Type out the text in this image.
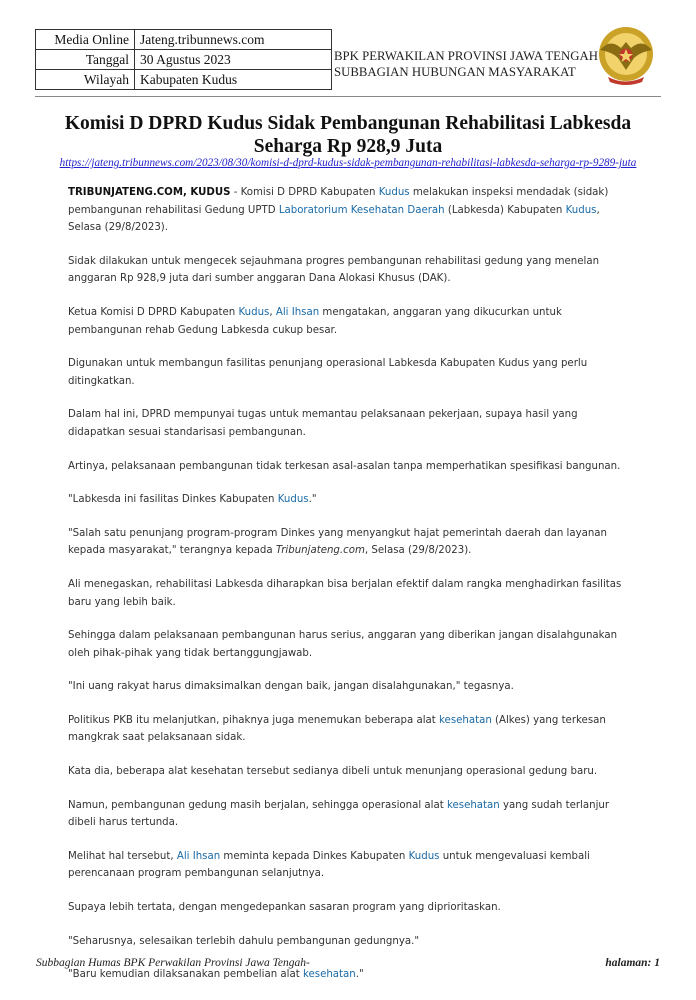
Media Online	Jateng.tribunnews.com
Tanggal	30 Agustus 2023
Wilayah	Kabupaten Kudus
BPK PERWAKILAN PROVINSI JAWA TENGAH
SUBBAGIAN HUBUNGAN MASYARAKAT
Komisi D DPRD Kudus Sidak Pembangunan Rehabilitasi Labkesda
Seharga Rp 928,9 Juta
https://jateng.tribunnews.com/2023/08/30/komisi-d-dprd-kudus-sidak-pembangunan-rehabilitasi-labkesda-seharga-rp-9289-juta

TRIBUNJATENG.COM, KUDUS - Komisi D DPRD Kabupaten Kudus melakukan inspeksi mendadak (sidak) pembangunan rehabilitasi Gedung UPTD Laboratorium Kesehatan Daerah (Labkesda) Kabupaten Kudus, Selasa (29/8/2023).

Sidak dilakukan untuk mengecek sejauhmana progres pembangunan rehabilitasi gedung yang menelan anggaran Rp 928,9 juta dari sumber anggaran Dana Alokasi Khusus (DAK).

Ketua Komisi D DPRD Kabupaten Kudus, Ali Ihsan mengatakan, anggaran yang dikucurkan untuk pembangunan rehab Gedung Labkesda cukup besar.

Digunakan untuk membangun fasilitas penunjang operasional Labkesda Kabupaten Kudus yang perlu ditingkatkan.

Dalam hal ini, DPRD mempunyai tugas untuk memantau pelaksanaan pekerjaan, supaya hasil yang didapatkan sesuai standarisasi pembangunan.

Artinya, pelaksanaan pembangunan tidak terkesan asal-asalan tanpa memperhatikan spesifikasi bangunan.

"Labkesda ini fasilitas Dinkes Kabupaten Kudus."

"Salah satu penunjang program-program Dinkes yang menyangkut hajat pemerintah daerah dan layanan kepada masyarakat," terangnya kepada Tribunjateng.com, Selasa (29/8/2023).

Ali menegaskan, rehabilitasi Labkesda diharapkan bisa berjalan efektif dalam rangka menghadirkan fasilitas baru yang lebih baik.

Sehingga dalam pelaksanaan pembangunan harus serius, anggaran yang diberikan jangan disalahgunakan oleh pihak-pihak yang tidak bertanggungjawab.

"Ini uang rakyat harus dimaksimalkan dengan baik, jangan disalahgunakan," tegasnya.

Politikus PKB itu melanjutkan, pihaknya juga menemukan beberapa alat kesehatan (Alkes) yang terkesan mangkrak saat pelaksanaan sidak.

Kata dia, beberapa alat kesehatan tersebut sedianya dibeli untuk menunjang operasional gedung baru.

Namun, pembangunan gedung masih berjalan, sehingga operasional alat kesehatan yang sudah terlanjur dibeli harus tertunda.

Melihat hal tersebut, Ali Ihsan meminta kepada Dinkes Kabupaten Kudus untuk mengevaluasi kembali perencanaan program pembangunan selanjutnya.

Supaya lebih tertata, dengan mengedepankan sasaran program yang diprioritaskan.

"Seharusnya, selesaikan terlebih dahulu pembangunan gedungnya."

"Baru kemudian dilaksanakan pembelian alat kesehatan."

Subbagian Humas BPK Perwakilan Provinsi Jawa Tengah-	halaman: 1
